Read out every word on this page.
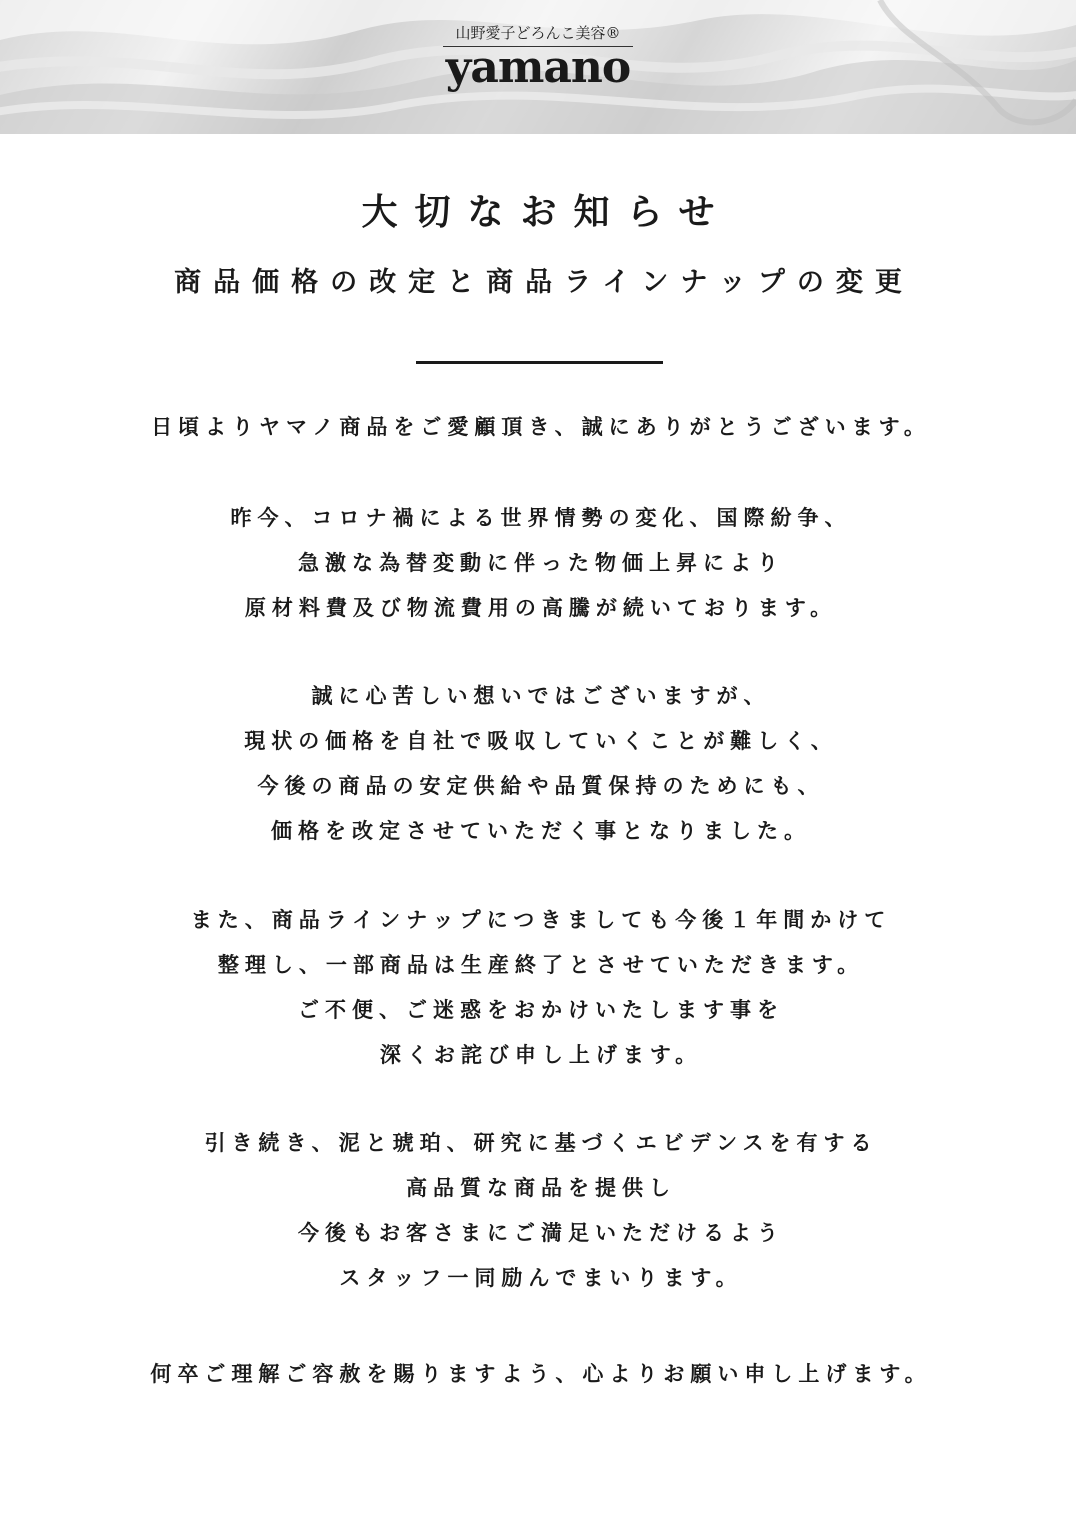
山野愛子どろんこ美容®
yamano
大切なお知らせ
商品価格の改定と商品ラインナップの変更
日頃よりヤマノ商品をご愛顧頂き、誠にありがとうございます。
昨今、コロナ禍による世界情勢の変化、国際紛争、
急激な為替変動に伴った物価上昇により
原材料費及び物流費用の高騰が続いております。
誠に心苦しい想いではございますが、
現状の価格を自社で吸収していくことが難しく、
今後の商品の安定供給や品質保持のためにも、
価格を改定させていただく事となりました。
また、商品ラインナップにつきましても今後１年間かけて
整理し、一部商品は生産終了とさせていただきます。
ご不便、ご迷惑をおかけいたします事を
深くお詫び申し上げます。
引き続き、泥と琥珀、研究に基づくエビデンスを有する
高品質な商品を提供し
今後もお客さまにご満足いただけるよう
スタッフ一同励んでまいります。
何卒ご理解ご容赦を賜りますよう、心よりお願い申し上げます。
